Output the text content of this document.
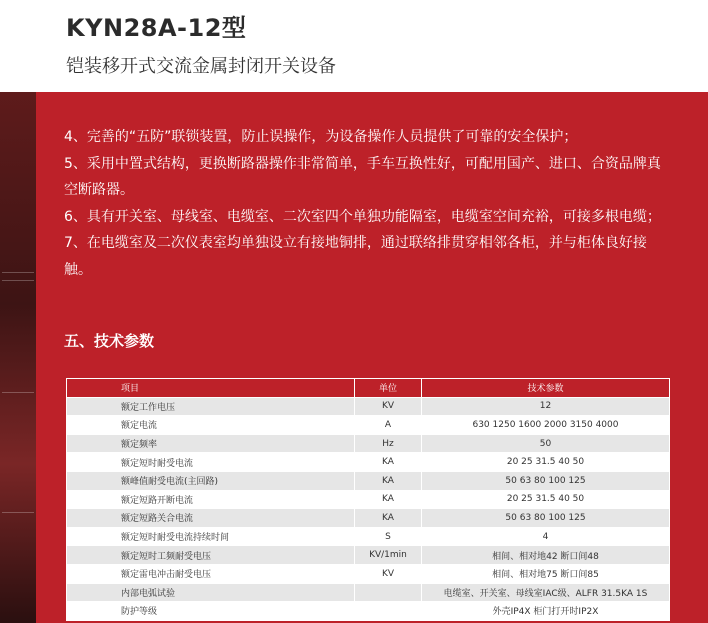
KYN28A-12型
铠装移开式交流金属封闭开关设备

4、完善的“五防”联锁装置，防止误操作，为设备操作人员提供了可靠的安全保护；

5、采用中置式结构，更换断路器操作非常简单，手车互换性好，可配用国产、进口、合资品牌真空断路器。

6、具有开关室、母线室、电缆室、二次室四个单独功能隔室，电缆室空间充裕，可接多根电缆；

7、在电缆室及二次仪表室均单独设立有接地铜排，通过联络排贯穿相邻各柜，并与柜体良好接触。

五、技术参数
项目	单位	技术参数
额定工作电压	KV	12
额定电流	A	630 1250 1600 2000 3150 4000
额定频率	Hz	50
额定短时耐受电流	KA	20 25 31.5 40 50
额峰值耐受电流(主回路)	KA	50 63 80 100 125
额定短路开断电流	KA	20 25 31.5 40 50
额定短路关合电流	KA	50 63 80 100 125
额定短时耐受电流持续时间	S	4
额定短时工频耐受电压	KV/1min	相间、相对地42 断口间48
额定雷电冲击耐受电压	KV	相间、相对地75 断口间85
内部电弧试验		电缆室、开关室、母线室IAC级、ALFR 31.5KA 1S
防护等级		外壳IP4X 柜门打开时IP2X
